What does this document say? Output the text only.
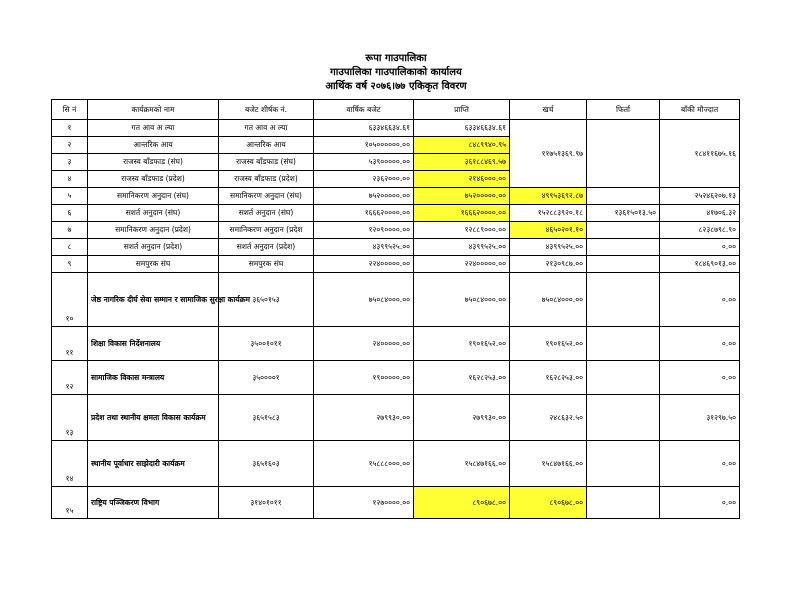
रूपा गाउपालिका
गाउपालिका गाउपालिकाको कार्यालय
आर्थिक वर्ष २०७६।७७ एकिकृत विवरण
सि नं	कार्यक्रमको नाम	बजेट शीर्षक नं.	वार्षिक बजेट	प्राप्ति	खर्च	फिर्ता	बाँकी मौज्दात
१	गत आव अ ल्या	गत आव अ ल्या	६३३४६६३४.६१	६३३४६६३४.६१	११७५१३६९.९७		१८४११६७५.१६
२	आन्तरिक आय	आन्तरिक आय	१०५००००००.००	८४८९९४०.९५			
३	राजस्व बाँडफाड (संघ)	राजस्व बाँडफाड (संघ)	५३९०००००.००	३६१८८४६९.५७			
४	राजस्व बाँडफाड (प्रदेश)	राजस्व बाँडफाड (प्रदेश)	२३६२०००.००	२१४६०००.००			
५	समानिकरण अनुदान (संघ)	समानिकरण अनुदान (संघ)	७५२०००००.००	७५२०००००.००	४९९५३६९२.८७		२५२४६२०७.१३
६	सशर्त अनुदान (संघ)	सशर्त अनुदान (संघ)	१६६६२००००.००	१६६६२००००.००	१५२८८३९२०.१८	१३६१५०१३.५०	४१७०६.३२
७	समानिकरण अनुदान (प्रदेश)	समानिकरण अनुदान (प्रदेश	१२०९००००.००	१२८८९०००.००	४६५०२०१.१०		८२३८७९८.९०
८	सशर्त अनुदान (प्रदेश)	सशर्त अनुदान (प्रदेश)	४३९९५२५.००	४३९९५२५.००	४३९९५२५.००		०.००
९	समपुरक संघ	समपुरक संघ	२२४०००००.००	२२४०००००.००	२१३०९८७.००		१८४६९०१३.००
१०	जेष्ठ नागरिक दीर्घ सेवा सम्मान र सामाजिक सुरक्षा कार्यक्रम	३६५०१५३	७५०८४०००.००	७५०८४०००.००	७५०८४०००.००		०.००
११	शिक्षा विकास निर्देशनालय	३५००१०११	२४०००००.००	१९०१६५२.००	१९०१६५२.००		०.००
१२	सामाजिक विकास मन्त्रालय	३५००००१	१९०००००.००	१६२८२५३.००	१६२८२५३.००		०.००
१३	प्रदेश तथा स्थानीय क्षमता विकास कार्यक्रम	३६५१५८३	२७९९३०.००	२७९९३०.००	२४८६३२.५०		३१२९७.५०
१४	स्थानीय पूर्वाधार साझेदारी कार्यक्रम	३६५१६०३	१५८८८०००.००	१५८४७१६६.००	१५८४७१६६.००		०.००
१५	राष्ट्रिय पञ्जिकरण विभाग	३१४०१०११	१२७००००.००	८९०६७८.००	८९०६७८.००		०.००
